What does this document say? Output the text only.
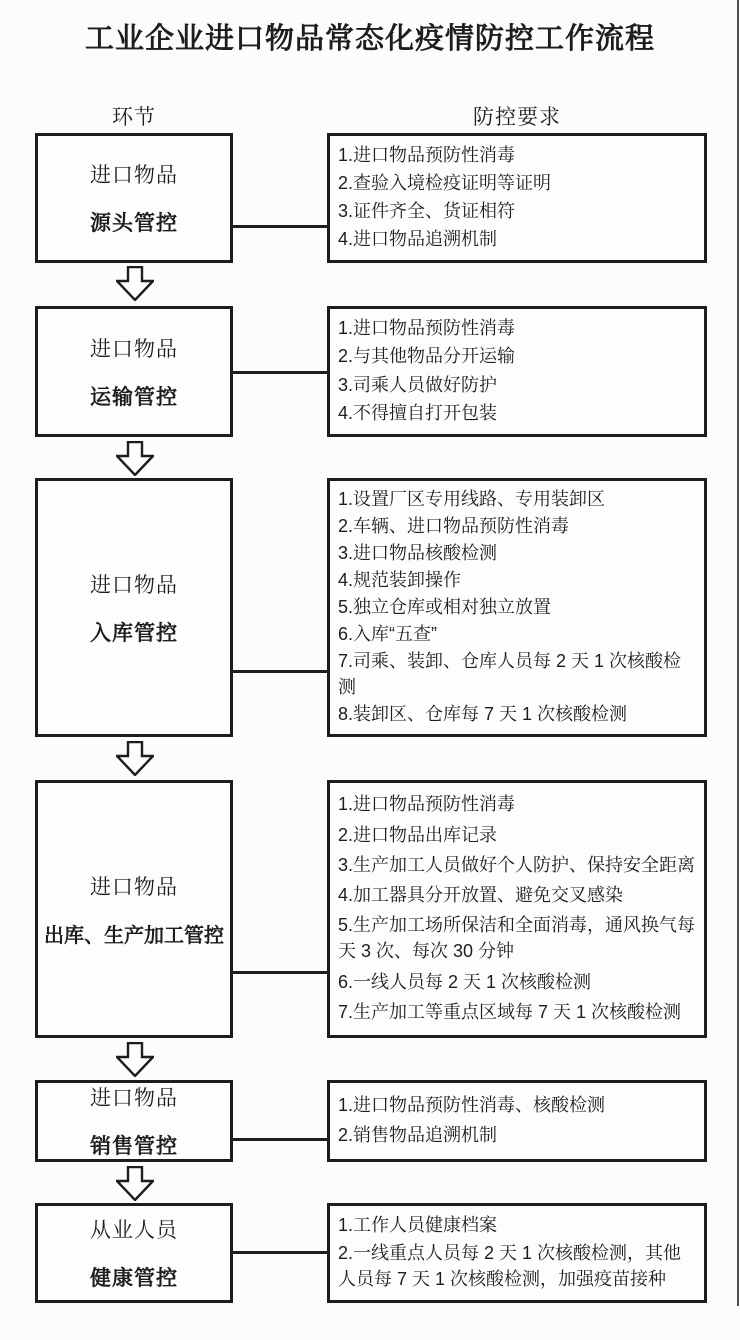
工业企业进口物品常态化疫情防控工作流程
环节	防控要求
进口物品
源头管控
1.进口物品预防性消毒
2.查验入境检疫证明等证明
3.证件齐全、货证相符
4.进口物品追溯机制
进口物品
运输管控
1.进口物品预防性消毒
2.与其他物品分开运输
3.司乘人员做好防护
4.不得擅自打开包装
进口物品
入库管控
1.设置厂区专用线路、专用装卸区
2.车辆、进口物品预防性消毒
3.进口物品核酸检测
4.规范装卸操作
5.独立仓库或相对独立放置
6.入库“五查”
7.司乘、装卸、仓库人员每 2 天 1 次核酸检测
8.装卸区、仓库每 7 天 1 次核酸检测
进口物品
出库、生产加工管控
1.进口物品预防性消毒
2.进口物品出库记录
3.生产加工人员做好个人防护、保持安全距离
4.加工器具分开放置、避免交叉感染
5.生产加工场所保洁和全面消毒，通风换气每天 3 次、每次 30 分钟
6.一线人员每 2 天 1 次核酸检测
7.生产加工等重点区域每 7 天 1 次核酸检测
进口物品
销售管控
1.进口物品预防性消毒、核酸检测
2.销售物品追溯机制
从业人员
健康管控
1.工作人员健康档案
2.一线重点人员每 2 天 1 次核酸检测，其他人员每 7 天 1 次核酸检测，加强疫苗接种
